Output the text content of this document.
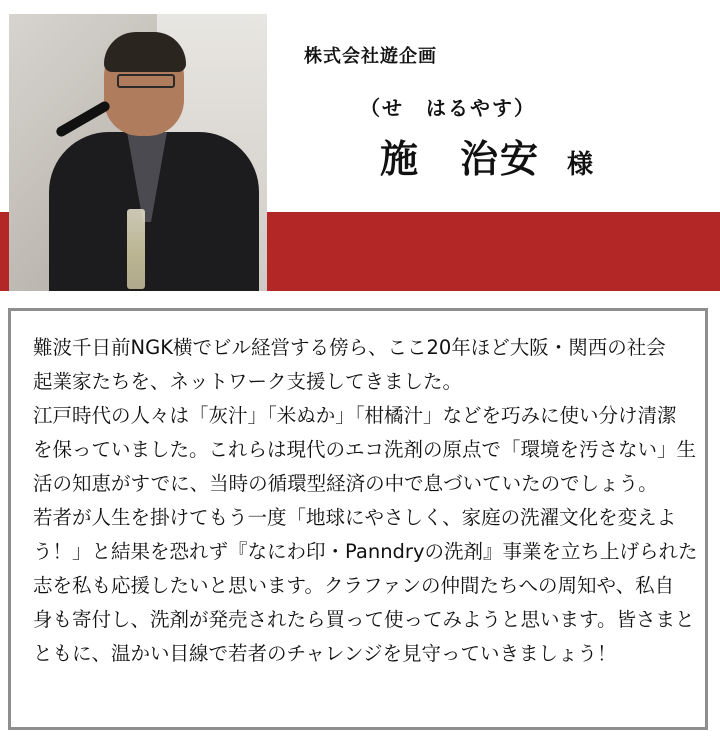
株式会社遊企画
（せ　はるやす）
施　治安 様
難波千日前NGK横でビル経営する傍ら、ここ20年ほど大阪・関西の社会
起業家たちを、ネットワーク支援してきました。
江戸時代の人々は「灰汁」「米ぬか」「柑橘汁」などを巧みに使い分け清潔
を保っていました。これらは現代のエコ洗剤の原点で「環境を汚さない」生
活の知恵がすでに、当時の循環型経済の中で息づいていたのでしょう。
若者が人生を掛けてもう一度「地球にやさしく、家庭の洗濯文化を変えよ
う！」と結果を恐れず『なにわ印・Panndryの洗剤』事業を立ち上げられた
志を私も応援したいと思います。クラファンの仲間たちへの周知や、私自
身も寄付し、洗剤が発売されたら買って使ってみようと思います。皆さまと
ともに、温かい目線で若者のチャレンジを見守っていきましょう！
